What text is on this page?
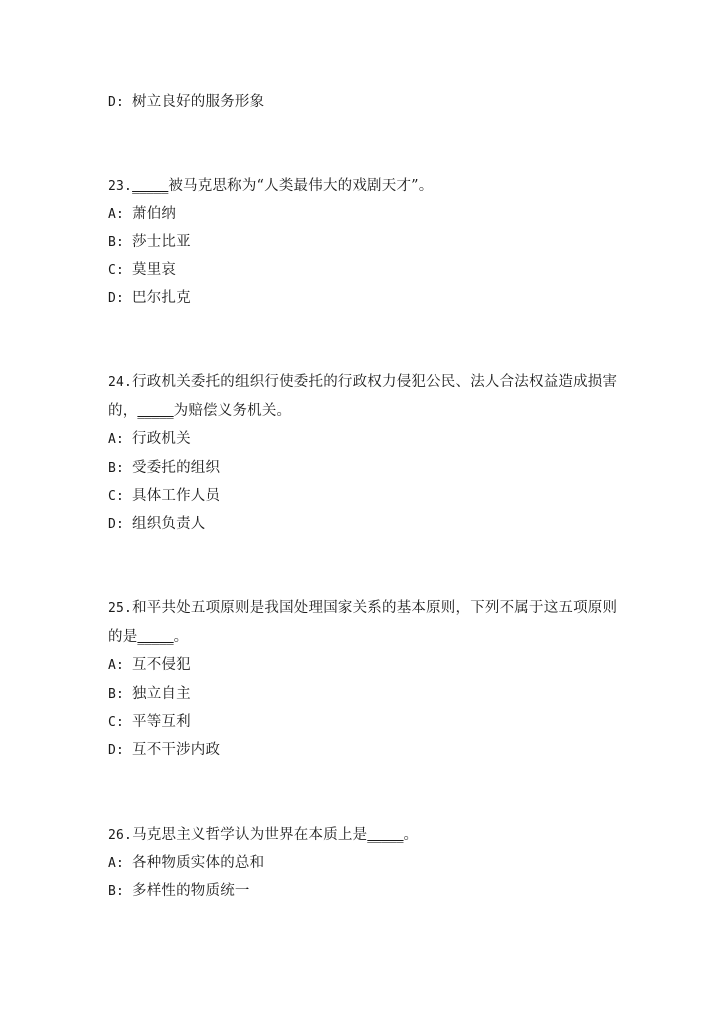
D: 树立良好的服务形象
23._____被马克思称为“人类最伟大的戏剧天才”。
A: 萧伯纳
B: 莎士比亚
C: 莫里哀
D: 巴尔扎克
24.行政机关委托的组织行使委托的行政权力侵犯公民、法人合法权益造成损害
的，_____为赔偿义务机关。
A: 行政机关
B: 受委托的组织
C: 具体工作人员
D: 组织负责人
25.和平共处五项原则是我国处理国家关系的基本原则，下列不属于这五项原则
的是_____。
A: 互不侵犯
B: 独立自主
C: 平等互利
D: 互不干涉内政
26.马克思主义哲学认为世界在本质上是_____。
A: 各种物质实体的总和
B: 多样性的物质统一
